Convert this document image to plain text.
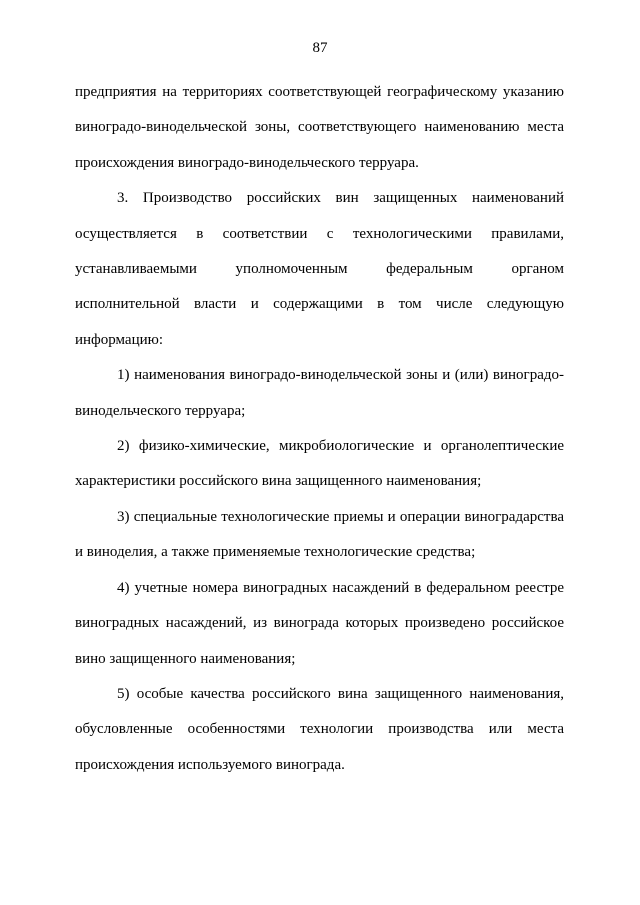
87

предприятия на территориях соответствующей географическому указанию виноградо-винодельческой зоны, соответствующего наименованию места происхождения виноградо-винодельческого терруара.

3. Производство российских вин защищенных наименований осуществляется в соответствии с технологическими правилами, устанавливаемыми уполномоченным федеральным органом исполнительной власти и содержащими в том числе следующую информацию:

1) наименования виноградо-винодельческой зоны и (или) виноградо-винодельческого терруара;

2) физико-химические, микробиологические и органолептические характеристики российского вина защищенного наименования;

3) специальные технологические приемы и операции виноградарства и виноделия, а также применяемые технологические средства;

4) учетные номера виноградных насаждений в федеральном реестре виноградных насаждений, из винограда которых произведено российское вино защищенного наименования;

5) особые качества российского вина защищенного наименования, обусловленные особенностями технологии производства или места происхождения используемого винограда.
